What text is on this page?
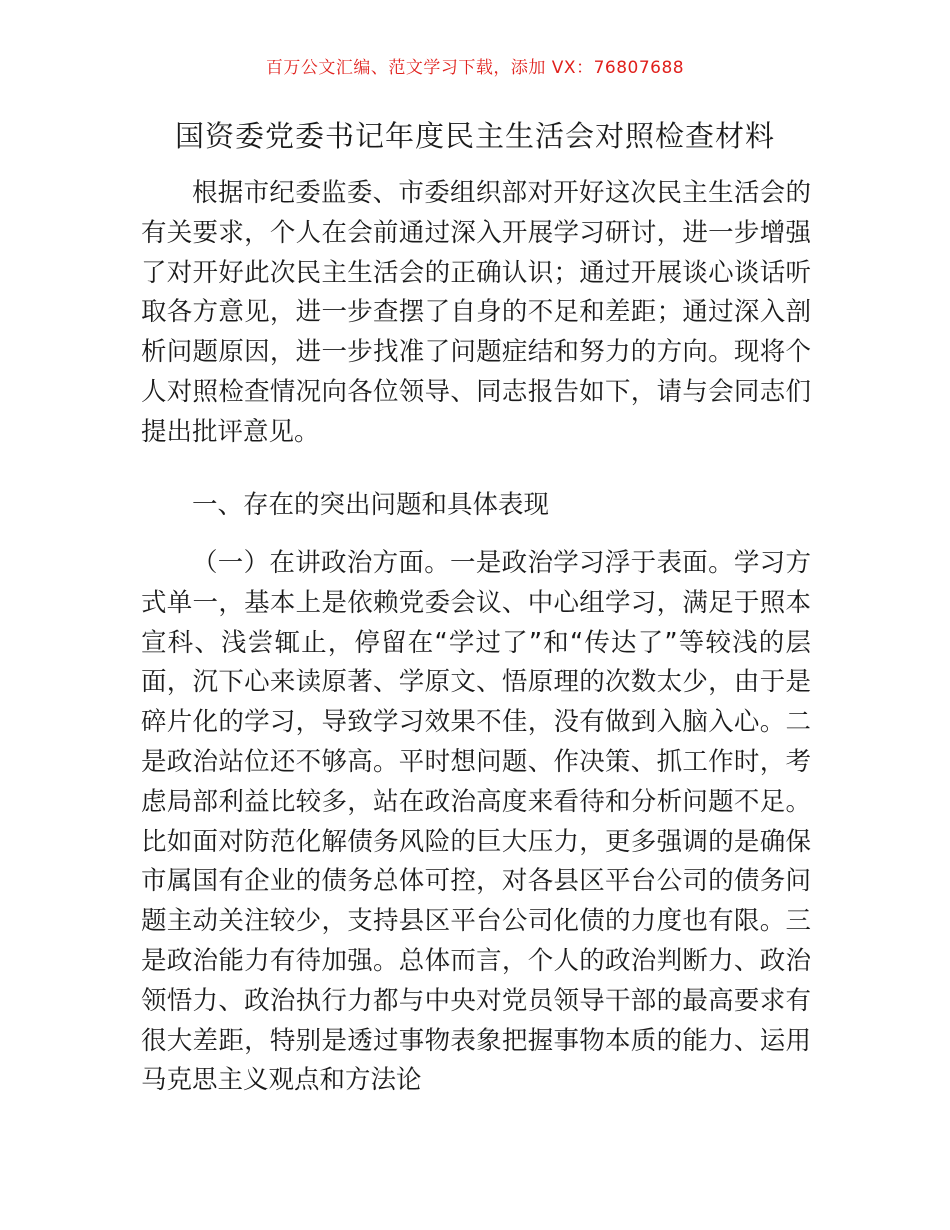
百万公文汇编、范文学习下载，添加 VX：76807688
国资委党委书记年度民主生活会对照检查材料

根据市纪委监委、市委组织部对开好这次民主生活会的有关要求，个人在会前通过深入开展学习研讨，进一步增强了对开好此次民主生活会的正确认识；通过开展谈心谈话听取各方意见，进一步查摆了自身的不足和差距；通过深入剖析问题原因，进一步找准了问题症结和努力的方向。现将个人对照检查情况向各位领导、同志报告如下，请与会同志们提出批评意见。

一、存在的突出问题和具体表现

（一）在讲政治方面。一是政治学习浮于表面。学习方式单一，基本上是依赖党委会议、中心组学习，满足于照本宣科、浅尝辄止，停留在“学过了”和“传达了”等较浅的层面，沉下心来读原著、学原文、悟原理的次数太少，由于是碎片化的学习，导致学习效果不佳，没有做到入脑入心。二是政治站位还不够高。平时想问题、作决策、抓工作时，考虑局部利益比较多，站在政治高度来看待和分析问题不足。比如面对防范化解债务风险的巨大压力，更多强调的是确保市属国有企业的债务总体可控，对各县区平台公司的债务问题主动关注较少，支持县区平台公司化债的力度也有限。三是政治能力有待加强。总体而言，个人的政治判断力、政治领悟力、政治执行力都与中央对党员领导干部的最高要求有很大差距，特别是透过事物表象把握事物本质的能力、运用马克思主义观点和方法论
